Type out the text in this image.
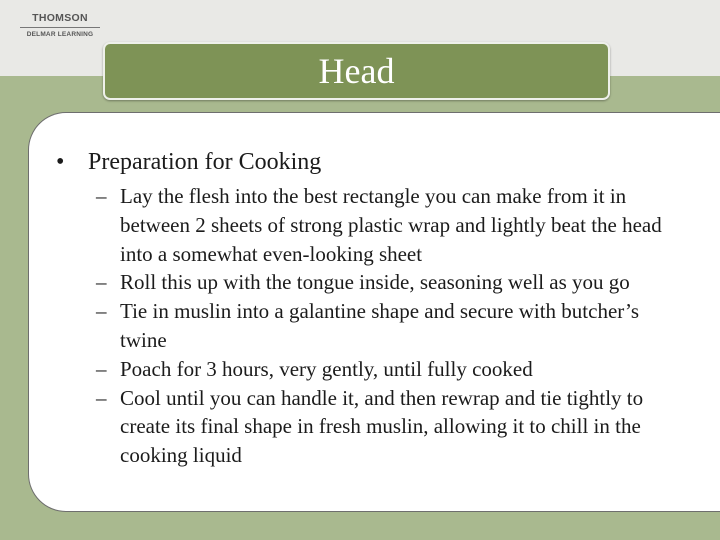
THOMSON
DELMAR LEARNING
Head
• Preparation for Cooking
– Lay the flesh into the best rectangle you can make from it in between 2 sheets of strong plastic wrap and lightly beat the head into a somewhat even-looking sheet
– Roll this up with the tongue inside, seasoning well as you go
– Tie in muslin into a galantine shape and secure with butcher’s twine
– Poach for 3 hours, very gently, until fully cooked
– Cool until you can handle it, and then rewrap and tie tightly to create its final shape in fresh muslin, allowing it to chill in the cooking liquid
